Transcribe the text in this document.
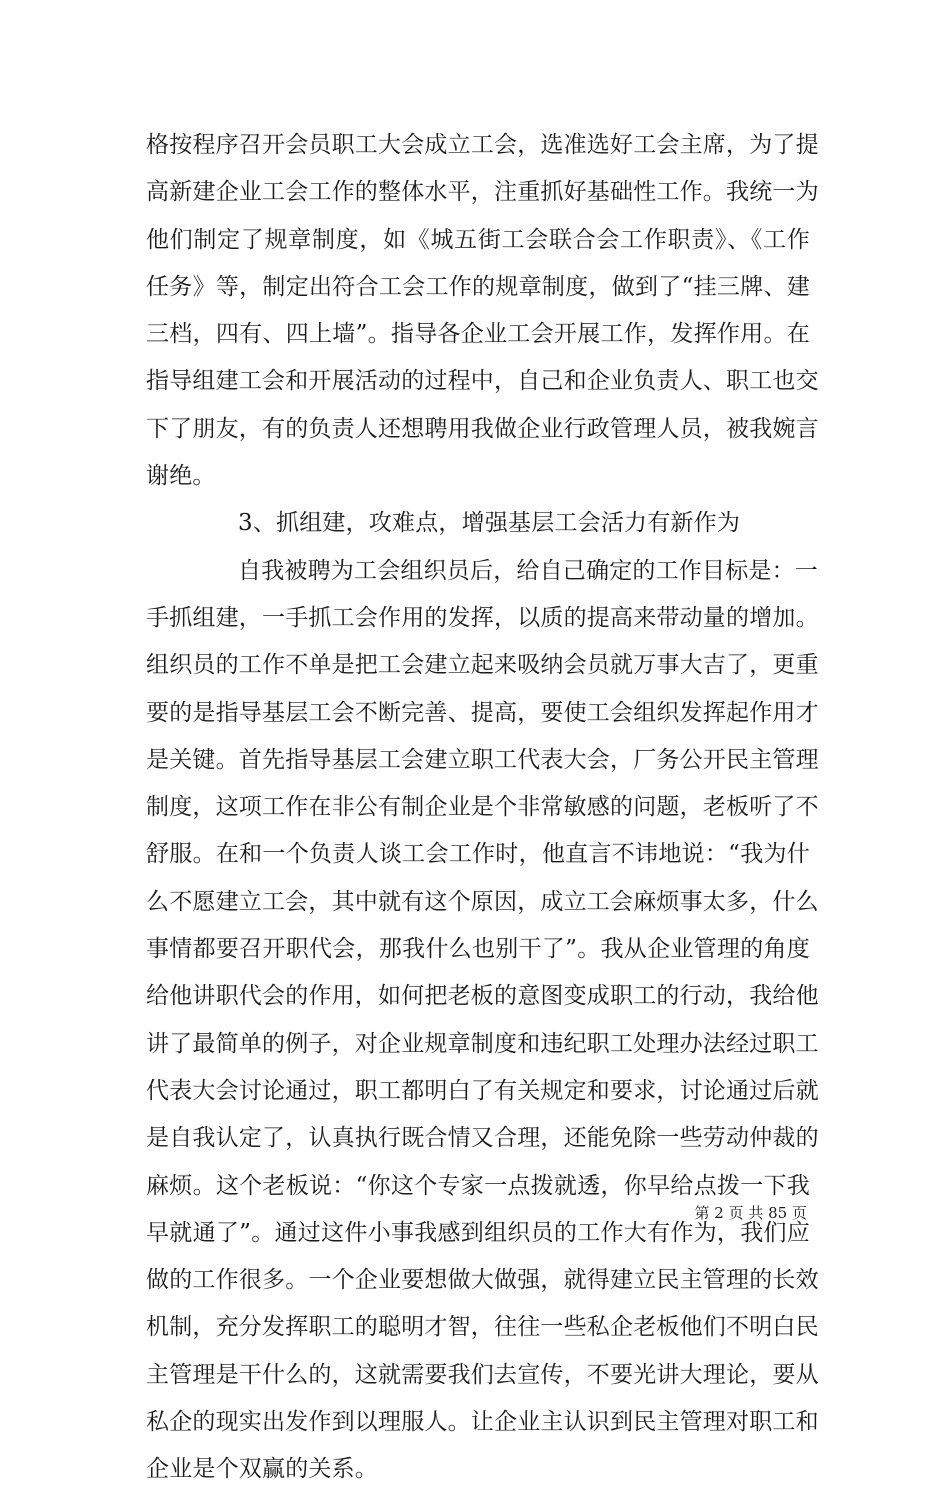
格按程序召开会员职工大会成立工会，选准选好工会主席，为了提
高新建企业工会工作的整体水平，注重抓好基础性工作。我统一为
他们制定了规章制度，如《城五街工会联合会工作职责》、《工作
任务》等，制定出符合工会工作的规章制度，做到了“挂三牌、建
三档，四有、四上墙”。指导各企业工会开展工作，发挥作用。在
指导组建工会和开展活动的过程中，自己和企业负责人、职工也交
下了朋友，有的负责人还想聘用我做企业行政管理人员，被我婉言
谢绝。
3、抓组建，攻难点，增强基层工会活力有新作为
自我被聘为工会组织员后，给自己确定的工作目标是：一
手抓组建，一手抓工会作用的发挥，以质的提高来带动量的增加。
组织员的工作不单是把工会建立起来吸纳会员就万事大吉了，更重
要的是指导基层工会不断完善、提高，要使工会组织发挥起作用才
是关键。首先指导基层工会建立职工代表大会，厂务公开民主管理
制度，这项工作在非公有制企业是个非常敏感的问题，老板听了不
舒服。在和一个负责人谈工会工作时，他直言不讳地说：“我为什
么不愿建立工会，其中就有这个原因，成立工会麻烦事太多，什么
事情都要召开职代会，那我什么也别干了”。我从企业管理的角度
给他讲职代会的作用，如何把老板的意图变成职工的行动，我给他
讲了最简单的例子，对企业规章制度和违纪职工处理办法经过职工
代表大会讨论通过，职工都明白了有关规定和要求，讨论通过后就
是自我认定了，认真执行既合情又合理，还能免除一些劳动仲裁的
麻烦。这个老板说：“你这个专家一点拨就透，你早给点拨一下我
早就通了”。通过这件小事我感到组织员的工作大有作为，我们应
做的工作很多。一个企业要想做大做强，就得建立民主管理的长效
机制，充分发挥职工的聪明才智，往往一些私企老板他们不明白民
主管理是干什么的，这就需要我们去宣传，不要光讲大理论，要从
私企的现实出发作到以理服人。让企业主认识到民主管理对职工和
企业是个双赢的关系。
第 2 页 共 85 页
